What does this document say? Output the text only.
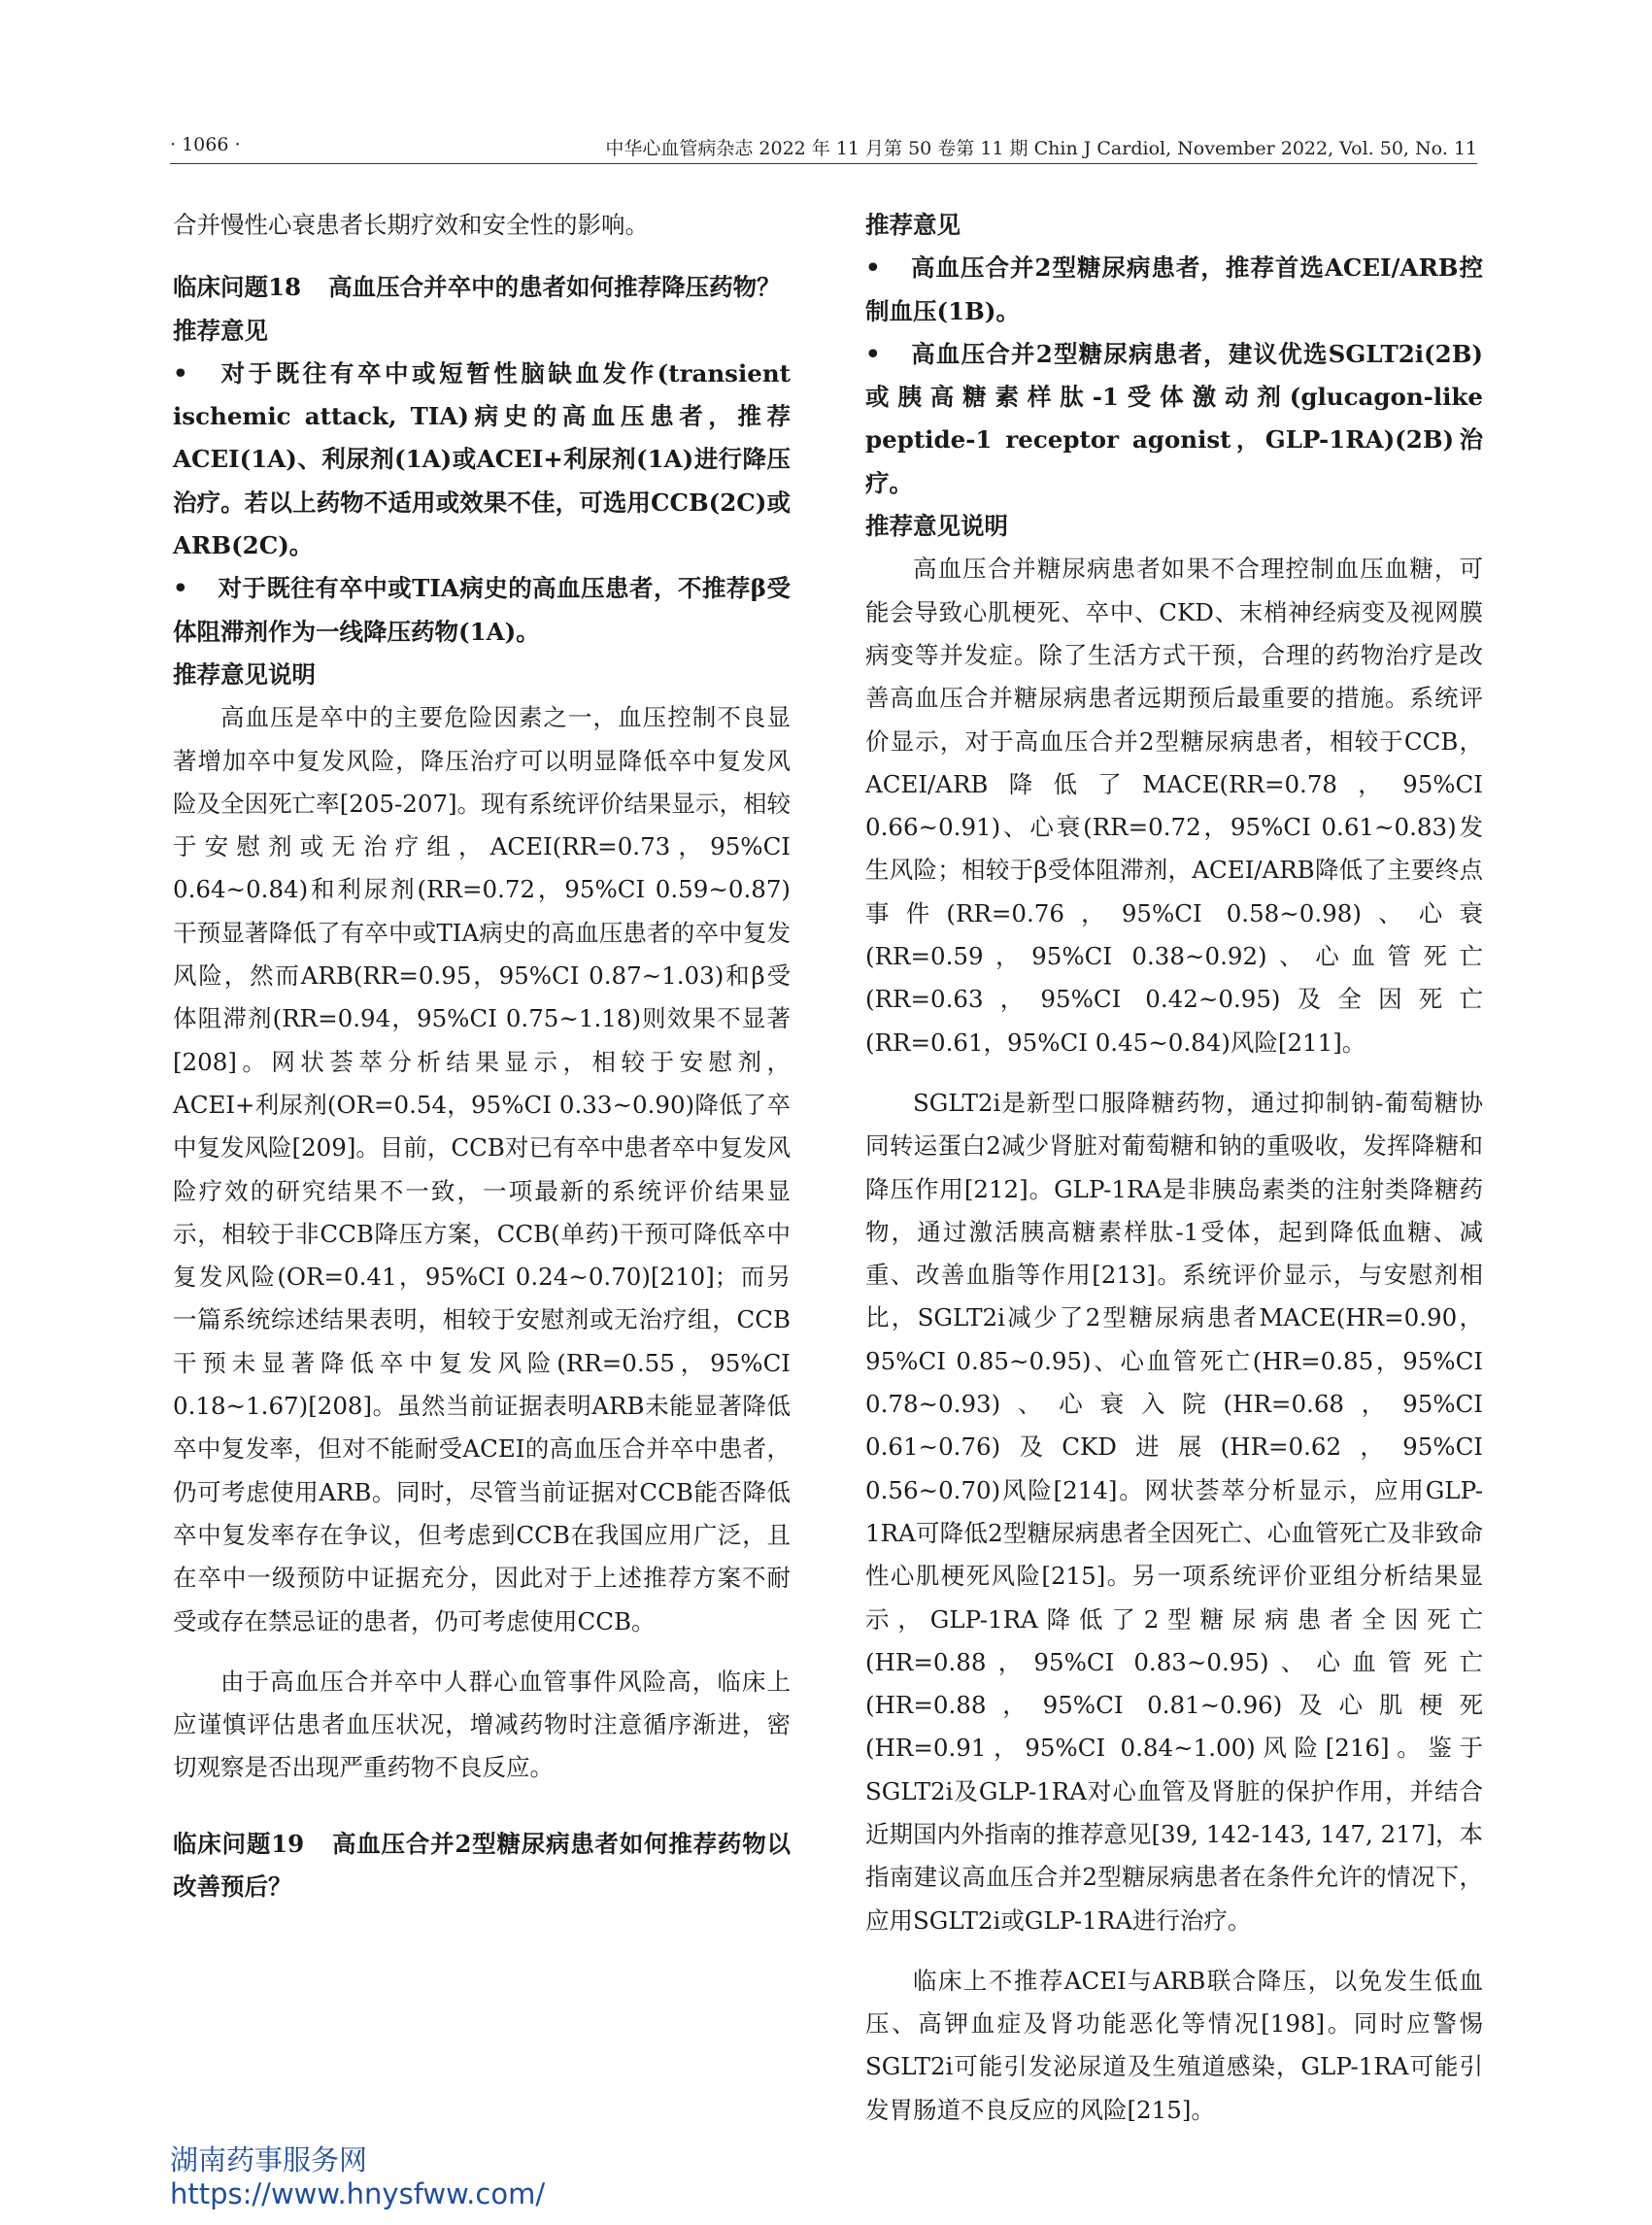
· 1066 ·	中华心血管病杂志 2022 年 11 月第 50 卷第 11 期 Chin J Cardiol, November 2022, Vol. 50, No. 11

合并慢性心衰患者长期疗效和安全性的影响。

临床问题18 高血压合并卒中的患者如何推荐降压药物？

推荐意见

• 对于既往有卒中或短暂性脑缺血发作(transient ischemic attack, TIA)病史的高血压患者，推荐ACEI(1A)、利尿剂(1A)或ACEI+利尿剂(1A)进行降压治疗。若以上药物不适用或效果不佳，可选用CCB(2C)或ARB(2C)。

• 对于既往有卒中或TIA病史的高血压患者，不推荐β受体阻滞剂作为一线降压药物(1A)。

推荐意见说明

高血压是卒中的主要危险因素之一，血压控制不良显著增加卒中复发风险，降压治疗可以明显降低卒中复发风险及全因死亡率[205-207]。现有系统评价结果显示，相较于安慰剂或无治疗组，ACEI(RR=0.73，95%CI 0.64~0.84)和利尿剂(RR=0.72，95%CI 0.59~0.87)干预显著降低了有卒中或TIA病史的高血压患者的卒中复发风险，然而ARB(RR=0.95，95%CI 0.87~1.03)和β受体阻滞剂(RR=0.94，95%CI 0.75~1.18)则效果不显著[208]。网状荟萃分析结果显示，相较于安慰剂，ACEI+利尿剂(OR=0.54，95%CI 0.33~0.90)降低了卒中复发风险[209]。目前，CCB对已有卒中患者卒中复发风险疗效的研究结果不一致，一项最新的系统评价结果显示，相较于非CCB降压方案，CCB(单药)干预可降低卒中复发风险(OR=0.41，95%CI 0.24~0.70)[210]；而另一篇系统综述结果表明，相较于安慰剂或无治疗组，CCB干预未显著降低卒中复发风险(RR=0.55，95%CI 0.18~1.67)[208]。虽然当前证据表明ARB未能显著降低卒中复发率，但对不能耐受ACEI的高血压合并卒中患者，仍可考虑使用ARB。同时，尽管当前证据对CCB能否降低卒中复发率存在争议，但考虑到CCB在我国应用广泛，且在卒中一级预防中证据充分，因此对于上述推荐方案不耐受或存在禁忌证的患者，仍可考虑使用CCB。

由于高血压合并卒中人群心血管事件风险高，临床上应谨慎评估患者血压状况，增减药物时注意循序渐进，密切观察是否出现严重药物不良反应。

临床问题19 高血压合并2型糖尿病患者如何推荐药物以改善预后？

推荐意见

• 高血压合并2型糖尿病患者，推荐首选ACEI/ARB控制血压(1B)。

• 高血压合并2型糖尿病患者，建议优选SGLT2i(2B)或胰高糖素样肽-1受体激动剂(glucagon-like peptide-1 receptor agonist，GLP-1RA)(2B)治疗。

推荐意见说明

高血压合并糖尿病患者如果不合理控制血压血糖，可能会导致心肌梗死、卒中、CKD、末梢神经病变及视网膜病变等并发症。除了生活方式干预，合理的药物治疗是改善高血压合并糖尿病患者远期预后最重要的措施。系统评价显示，对于高血压合并2型糖尿病患者，相较于CCB，ACEI/ARB降低了MACE(RR=0.78，95%CI 0.66~0.91)、心衰(RR=0.72，95%CI 0.61~0.83)发生风险；相较于β受体阻滞剂，ACEI/ARB降低了主要终点事件(RR=0.76，95%CI 0.58~0.98)、心衰(RR=0.59，95%CI 0.38~0.92)、心血管死亡(RR=0.63，95%CI 0.42~0.95)及全因死亡(RR=0.61，95%CI 0.45~0.84)风险[211]。

SGLT2i是新型口服降糖药物，通过抑制钠-葡萄糖协同转运蛋白2减少肾脏对葡萄糖和钠的重吸收，发挥降糖和降压作用[212]。GLP-1RA是非胰岛素类的注射类降糖药物，通过激活胰高糖素样肽-1受体，起到降低血糖、减重、改善血脂等作用[213]。系统评价显示，与安慰剂相比，SGLT2i减少了2型糖尿病患者MACE(HR=0.90，95%CI 0.85~0.95)、心血管死亡(HR=0.85，95%CI 0.78~0.93)、心衰入院(HR=0.68，95%CI 0.61~0.76)及CKD进展(HR=0.62，95%CI 0.56~0.70)风险[214]。网状荟萃分析显示，应用GLP-1RA可降低2型糖尿病患者全因死亡、心血管死亡及非致命性心肌梗死风险[215]。另一项系统评价亚组分析结果显示，GLP-1RA降低了2型糖尿病患者全因死亡(HR=0.88，95%CI 0.83~0.95)、心血管死亡(HR=0.88，95%CI 0.81~0.96)及心肌梗死(HR=0.91，95%CI 0.84~1.00)风险[216]。鉴于SGLT2i及GLP-1RA对心血管及肾脏的保护作用，并结合近期国内外指南的推荐意见[39, 142-143, 147, 217]，本指南建议高血压合并2型糖尿病患者在条件允许的情况下，应用SGLT2i或GLP-1RA进行治疗。

临床上不推荐ACEI与ARB联合降压，以免发生低血压、高钾血症及肾功能恶化等情况[198]。同时应警惕SGLT2i可能引发泌尿道及生殖道感染，GLP-1RA可能引发胃肠道不良反应的风险[215]。

湖南药事服务网
https://www.hnysfww.com/
